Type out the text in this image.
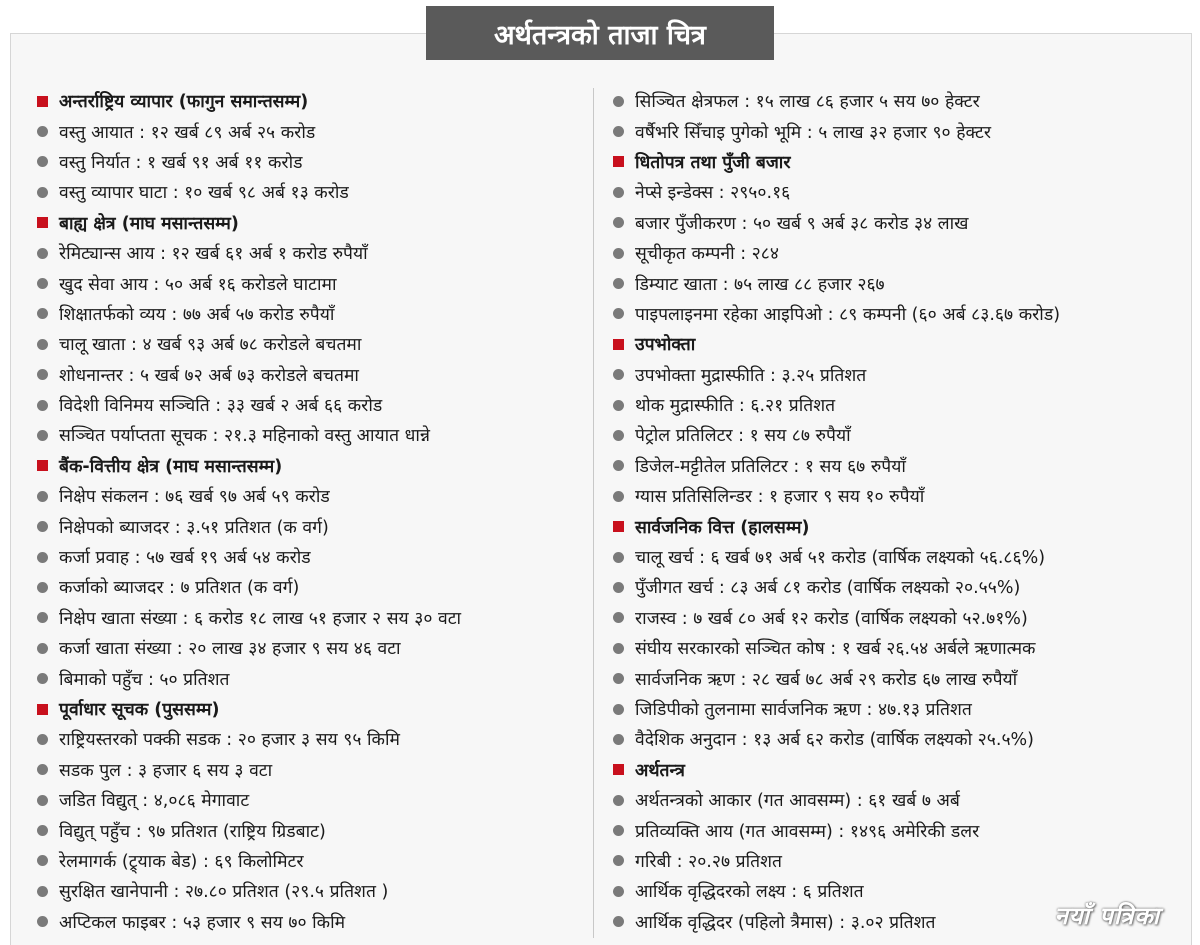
अर्थतन्त्रको ताजा चित्र
अन्तर्राष्ट्रिय व्यापार (फागुन समान्तसम्म)
वस्तु आयात : १२ खर्ब ८९ अर्ब २५ करोड
वस्तु निर्यात : १ खर्ब ९१ अर्ब ११ करोड
वस्तु व्यापार घाटा : १० खर्ब ९८ अर्ब १३ करोड
बाह्य क्षेत्र (माघ मसान्तसम्म)
रेमिट्यान्स आय : १२ खर्ब ६१ अर्ब १ करोड रुपैयाँ
खुद सेवा आय : ५० अर्ब १६ करोडले घाटामा
शिक्षातर्फको व्यय : ७७ अर्ब ५७ करोड रुपैयाँ
चालू खाता : ४ खर्ब ९३ अर्ब ७८ करोडले बचतमा
शोधनान्तर : ५ खर्ब ७२ अर्ब ७३ करोडले बचतमा
विदेशी विनिमय सञ्चिति : ३३ खर्ब २ अर्ब ६६ करोड
सञ्चित पर्याप्तता सूचक : २१.३ महिनाको वस्तु आयात धान्ने
बैंक-वित्तीय क्षेत्र (माघ मसान्तसम्म)
निक्षेप संकलन : ७६ खर्ब ९७ अर्ब ५९ करोड
निक्षेपको ब्याजदर : ३.५१ प्रतिशत (क वर्ग)
कर्जा प्रवाह : ५७ खर्ब १९ अर्ब ५४ करोड
कर्जाको ब्याजदर : ७ प्रतिशत (क वर्ग)
निक्षेप खाता संख्या : ६ करोड १८ लाख ५१ हजार २ सय ३० वटा
कर्जा खाता संख्या : २० लाख ३४ हजार ९ सय ४६ वटा
बिमाको पहुँच : ५० प्रतिशत
पूर्वाधार सूचक (पुससम्म)
राष्ट्रियस्तरको पक्की सडक : २० हजार ३ सय ९५ किमि
सडक पुल : ३ हजार ६ सय ३ वटा
जडित विद्युत् : ४,०८६ मेगावाट
विद्युत् पहुँच : ९७ प्रतिशत (राष्ट्रिय ग्रिडबाट)
रेलमागर्क (ट्र्याक बेड) : ६९ किलोमिटर
सुरक्षित खानेपानी : २७.८० प्रतिशत (२९.५ प्रतिशत )
अप्टिकल फाइबर : ५३ हजार ९ सय ७० किमि
सिञ्चित क्षेत्रफल : १५ लाख ८६ हजार ५ सय ७० हेक्टर
वर्षैभरि सिँचाइ पुगेको भूमि : ५ लाख ३२ हजार ९० हेक्टर
धितोपत्र तथा पुँजी बजार
नेप्से इन्डेक्स : २९५०.१६
बजार पुँजीकरण : ५० खर्ब ९ अर्ब ३८ करोड ३४ लाख
सूचीकृत कम्पनी : २८४
डिम्याट खाता : ७५ लाख ८८ हजार २६७
पाइपलाइनमा रहेका आइपिओ : ८९ कम्पनी (६० अर्ब ८३.६७ करोड)
उपभोक्ता
उपभोक्ता मुद्रास्फीति : ३.२५ प्रतिशत
थोक मुद्रास्फीति : ६.२१ प्रतिशत
पेट्रोल प्रतिलिटर : १ सय ८७ रुपैयाँ
डिजेल-मट्टीतेल प्रतिलिटर : १ सय ६७ रुपैयाँ
ग्यास प्रतिसिलिन्डर : १ हजार ९ सय १० रुपैयाँ
सार्वजनिक वित्त (हालसम्म)
चालू खर्च : ६ खर्ब ७१ अर्ब ५१ करोड (वार्षिक लक्ष्यको ५६.८६%)
पुँजीगत खर्च : ८३ अर्ब ८१ करोड (वार्षिक लक्ष्यको २०.५५%)
राजस्व : ७ खर्ब ८० अर्ब १२ करोड (वार्षिक लक्ष्यको ५२.७१%)
संघीय सरकारको सञ्चित कोष : १ खर्ब २६.५४ अर्बले ऋणात्मक
सार्वजनिक ऋण : २८ खर्ब ७८ अर्ब २९ करोड ६७ लाख रुपैयाँ
जिडिपीको तुलनामा सार्वजनिक ऋण : ४७.१३ प्रतिशत
वैदेशिक अनुदान : १३ अर्ब ६२ करोड (वार्षिक लक्ष्यको २५.५%)
अर्थतन्त्र
अर्थतन्त्रको आकार (गत आवसम्म) : ६१ खर्ब ७ अर्ब
प्रतिव्यक्ति आय (गत आवसम्म) : १४९६ अमेरिकी डलर
गरिबी : २०.२७ प्रतिशत
आर्थिक वृद्धिदरको लक्ष्य : ६ प्रतिशत
आर्थिक वृद्धिदर (पहिलो त्रैमास) : ३.०२ प्रतिशत	नयाँ पत्रिका
